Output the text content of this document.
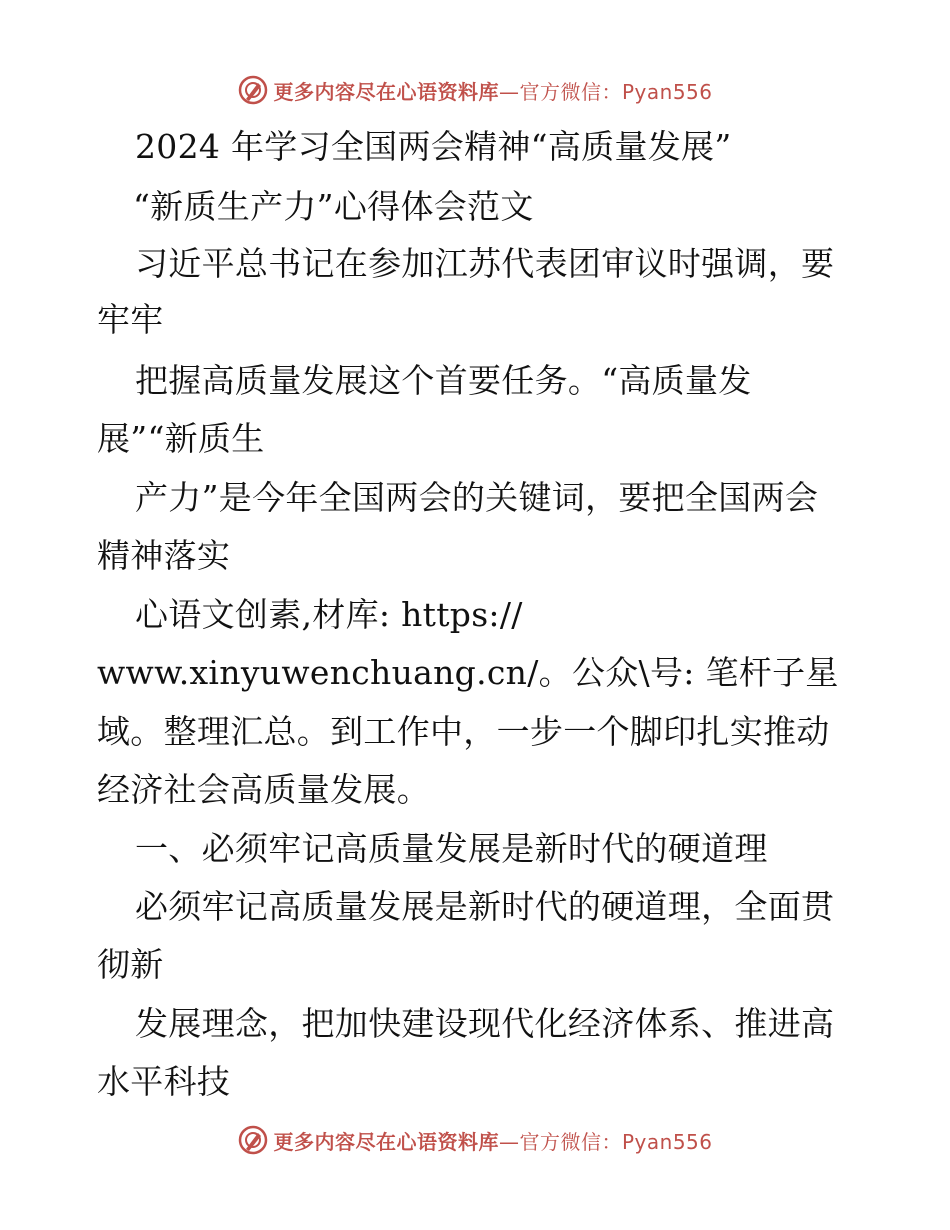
更多内容尽在心语资料库—官方微信：Pyan556
2024 年学习全国两会精神“高质量发展”
“新质生产力”心得体会范文
习近平总书记在参加江苏代表团审议时强调，要
牢牢
把握高质量发展这个首要任务。“高质量发
展”“新质生
产力”是今年全国两会的关键词，要把全国两会
精神落实
心语文创素,材库: https://
www.xinyuwenchuang.cn/。公众\号: 笔杆子星
域。整理汇总。到工作中，一步一个脚印扎实推动
经济社会高质量发展。
一、必须牢记高质量发展是新时代的硬道理
必须牢记高质量发展是新时代的硬道理，全面贯
彻新
发展理念，把加快建设现代化经济体系、推进高
水平科技
更多内容尽在心语资料库—官方微信：Pyan556
